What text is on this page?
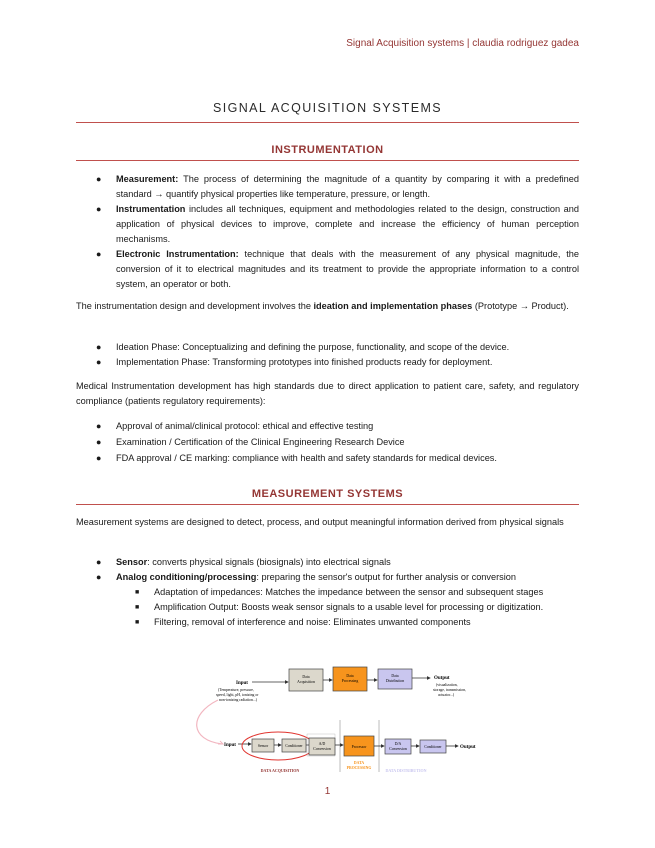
Signal Acquisition systems | claudia rodriguez gadea
SIGNAL ACQUISITION SYSTEMS
INSTRUMENTATION
● Measurement: The process of determining the magnitude of a quantity by comparing it with a predefined standard → quantify physical properties like temperature, pressure, or length.
● Instrumentation includes all techniques, equipment and methodologies related to the design, construction and application of physical devices to improve, complete and increase the efficiency of human perception mechanisms.
● Electronic Instrumentation: technique that deals with the measurement of any physical magnitude, the conversion of it to electrical magnitudes and its treatment to provide the appropriate information to a control system, an operator or both.

The instrumentation design and development involves the ideation and implementation phases (Prototype → Product).

● Ideation Phase: Conceptualizing and defining the purpose, functionality, and scope of the device.
● Implementation Phase: Transforming prototypes into finished products ready for deployment.

Medical Instrumentation development has high standards due to direct application to patient care, safety, and regulatory compliance (patients regulatory requirements):

● Approval of animal/clinical protocol: ethical and effective testing
● Examination / Certification of the Clinical Engineering Research Device
● FDA approval / CE marking: compliance with health and safety standards for medical devices.
MEASUREMENT SYSTEMS

Measurement systems are designed to detect, process, and output meaningful information derived from physical signals

● Sensor: converts physical signals (biosignals) into electrical signals
● Analog conditioning/processing: preparing the sensor's output for further analysis or conversion
■ Adaptation of impedances: Matches the impedance between the sensor and subsequent stages
■ Amplification Output: Boosts weak sensor signals to a usable level for processing or digitization.
■ Filtering, removal of interference and noise: Eliminates unwanted components
Input
(Temperature, pressure,
speed, light, pH, ionizing or
non-ionizing radiation...)
Data
Acquisition
Data
Processing
Data
Distribution	Output
(visualization,
storage, transmission,
actuator...)
Input	Sensor	Conditioner	A/D
Conversion	Processor
D/A
Conversion	Conditioner	Output
DATA ACQUISITION
DATA
PROCESSING	DATA DISTRIBUTION
1
